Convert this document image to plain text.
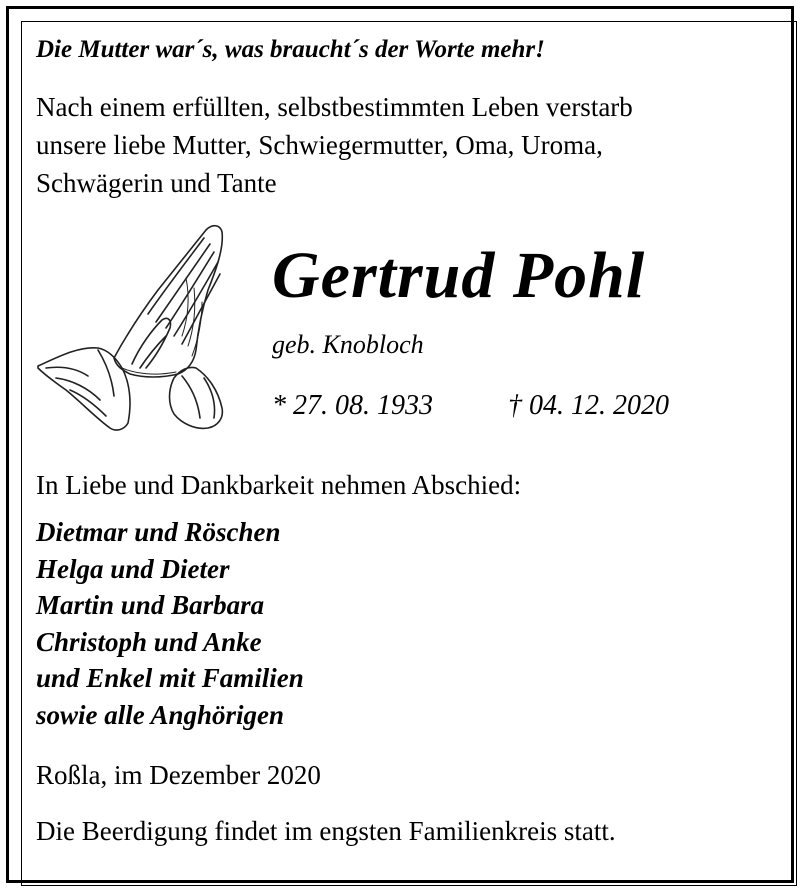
Die Mutter war´s, was braucht´s der Worte mehr!

Nach einem erfüllten, selbstbestimmten Leben verstarb
unsere liebe Mutter, Schwiegermutter, Oma, Uroma,
Schwägerin und Tante

Gertrud Pohl
geb. Knobloch
* 27. 08. 1933	† 04. 12. 2020
In Liebe und Dankbarkeit nehmen Abschied:
Dietmar und Röschen
Helga und Dieter
Martin und Barbara
Christoph und Anke
und Enkel mit Familien
sowie alle Anghörigen
Roßla, im Dezember 2020
Die Beerdigung findet im engsten Familienkreis statt.
